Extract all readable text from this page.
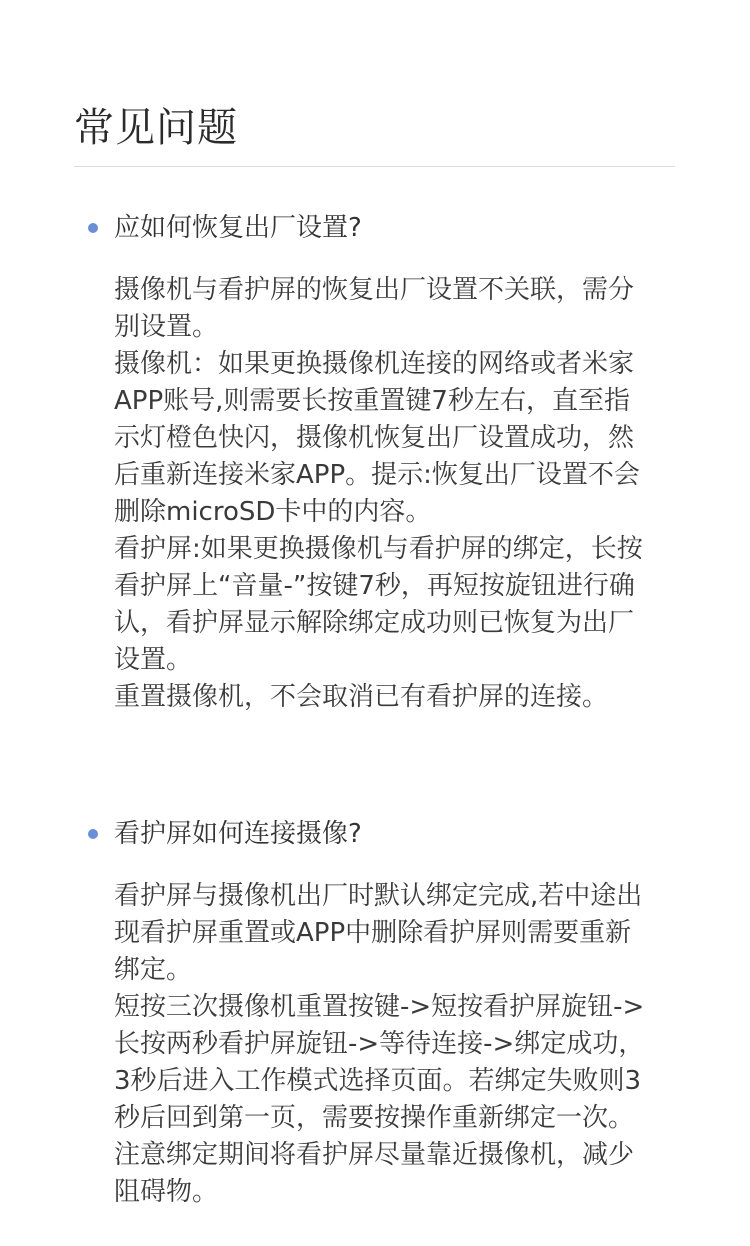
常见问题
应如何恢复出厂设置?

摄像机与看护屏的恢复出厂设置不关联，需分别设置。

摄像机：如果更换摄像机连接的网络或者米家 APP账号,则需要长按重置键7秒左右，直至指示灯橙色快闪，摄像机恢复出厂设置成功，然后重新连接米家APP。提示:恢复出厂设置不会删除microSD卡中的内容。

看护屏:如果更换摄像机与看护屏的绑定，长按看护屏上“音量-”按键7秒，再短按旋钮进行确认，看护屏显示解除绑定成功则已恢复为出厂设置。

重置摄像机，不会取消已有看护屏的连接。

看护屏如何连接摄像?

看护屏与摄像机出厂时默认绑定完成,若中途出现看护屏重置或APP中删除看护屏则需要重新绑定。

短按三次摄像机重置按键->短按看护屏旋钮->长按两秒看护屏旋钮->等待连接->绑定成功，3秒后进入工作模式选择页面。若绑定失败则3秒后回到第一页，需要按操作重新绑定一次。注意绑定期间将看护屏尽量靠近摄像机，减少阻碍物。
